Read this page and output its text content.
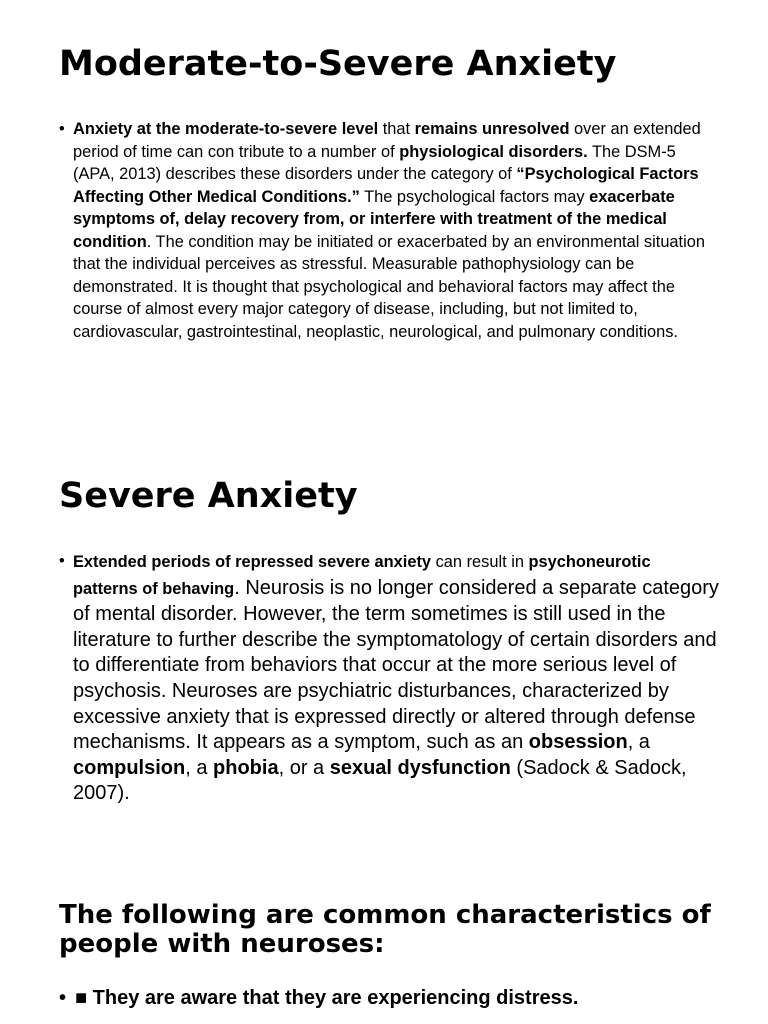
Moderate-to-Severe Anxiety
• Anxiety at the moderate-to-severe level that remains unresolved over an extended period of time can con tribute to a number of physiological disorders. The DSM-5 (APA, 2013) describes these disorders under the category of “Psychological Factors Affecting Other Medical Conditions.” The psychological factors may exacerbate symptoms of, delay recovery from, or interfere with treatment of the medical condition. The condition may be initiated or exacerbated by an environmental situation that the individual perceives as stressful. Measurable pathophysiology can be demonstrated. It is thought that psychological and behavioral factors may affect the course of almost every major category of disease, including, but not limited to, cardiovascular, gastrointestinal, neoplastic, neurological, and pulmonary conditions.
Severe Anxiety
• Extended periods of repressed severe anxiety can result in psychoneurotic patterns of behaving. Neurosis is no longer considered a separate category of mental disorder. However, the term sometimes is still used in the literature to further describe the symptomatology of certain disorders and to differentiate from behaviors that occur at the more serious level of psychosis. Neuroses are psychiatric disturbances, characterized by excessive anxiety that is expressed directly or altered through defense mechanisms. It appears as a symptom, such as an obsession, a compulsion, a phobia, or a sexual dysfunction (Sadock & Sadock, 2007).
The following are common characteristics of people with neuroses:
• ■ They are aware that they are experiencing distress.
